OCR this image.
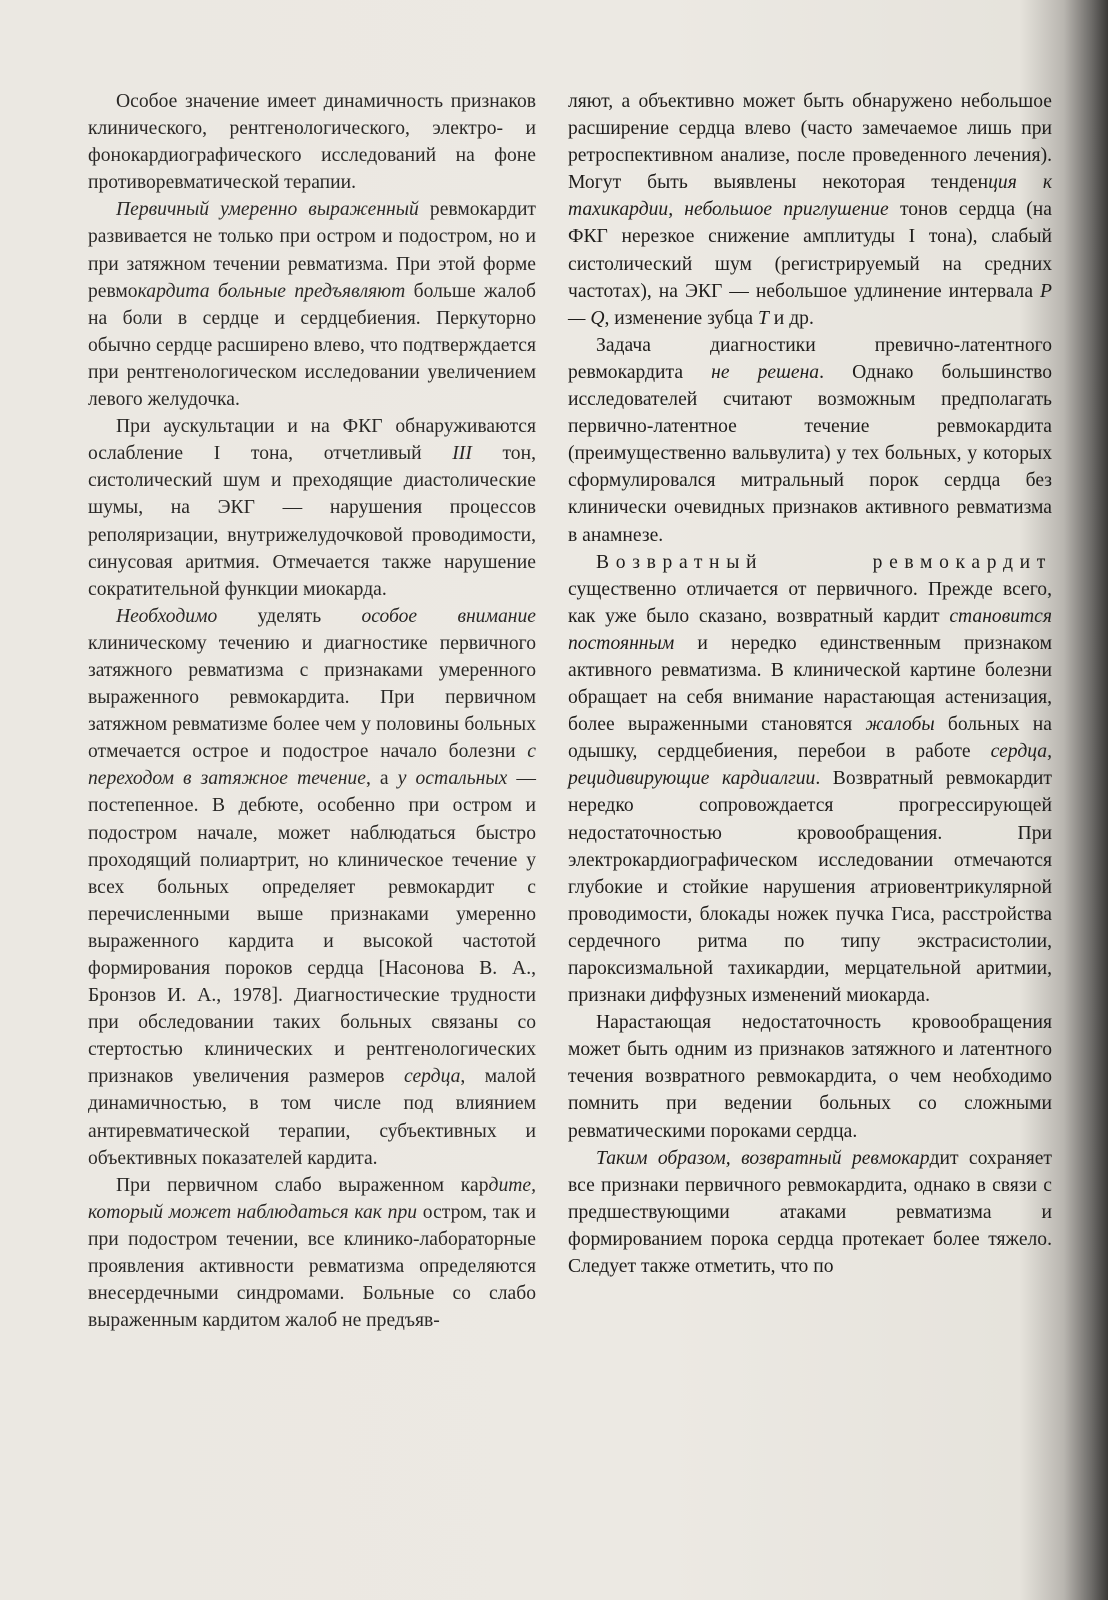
Особое значение имеет динамичность признаков клинического, рентгенологического, электро- и фонокардиографического исследований на фоне противоревматической терапии.

Первичный умеренно выраженный ревмокардит развивается не только при остром и подостром, но и при затяжном течении ревматизма. При этой форме ревмокардита больные предъявляют больше жалоб на боли в сердце и сердцебиения. Перкуторно обычно сердце расширено влево, что подтверждается при рентгенологическом исследовании увеличением левого желудочка.

При аускультации и на ФКГ обнаруживаются ослабление I тона, отчетливый III тон, систолический шум и преходящие диастолические шумы, на ЭКГ — нарушения процессов реполяризации, внутрижелудочковой проводимости, синусовая аритмия. Отмечается также нарушение сократительной функции миокарда.

Необходимо уделять особое внимание клиническому течению и диагностике первичного затяжного ревматизма с признаками умеренного выраженного ревмокардита. При первичном затяжном ревматизме более чем у половины больных отмечается острое и подострое начало болезни с переходом в затяжное течение, а у остальных — постепенное. В дебюте, особенно при остром и подостром начале, может наблюдаться быстро проходящий полиартрит, но клиническое течение у всех больных определяет ревмокардит с перечисленными выше признаками умеренно выраженного кардита и высокой частотой формирования пороков сердца [Насонова В. А., Бронзов И. А., 1978]. Диагностические трудности при обследовании таких больных связаны со стертостью клинических и рентгенологических признаков увеличения размеров сердца, малой динамичностью, в том числе под влиянием антиревматической терапии, субъективных и объективных показателей кардита.

При первичном слабо выраженном кардите, который может наблюдаться как при остром, так и при подостром течении, все клинико-лабораторные проявления активности ревматизма определяются внесердечными синдромами. Больные со слабо выраженным кардитом жалоб не предъяв-

ляют, а объективно может быть обнаружено небольшое расширение сердца влево (часто замечаемое лишь при ретроспективном анализе, после проведенного лечения). Могут быть выявлены некоторая тенденция к тахикардии, небольшое приглушение тонов сердца (на ФКГ нерезкое снижение амплитуды I тона), слабый систолический шум (регистрируемый на средних частотах), на ЭКГ — небольшое удлинение интервала P — Q, изменение зубца T и др.

Задача диагностики превично-латентного ревмокардита не решена. Однако большинство исследователей считают возможным предполагать первично-латентное течение ревмокардита (преимущественно вальвулита) у тех больных, у которых сформулировался митральный порок сердца без клинически очевидных признаков активного ревматизма в анамнезе.

Возвратный ревмокардит существенно отличается от первичного. Прежде всего, как уже было сказано, возвратный кардит становится постоянным и нередко единственным признаком активного ревматизма. В клинической картине болезни обращает на себя внимание нарастающая астенизация, более выраженными становятся жалобы больных на одышку, сердцебиения, перебои в работе сердца, рецидивирующие кардиалгии. Возвратный ревмокардит нередко сопровождается прогрессирующей недостаточностью кровообращения. При электрокардиографическом исследовании отмечаются глубокие и стойкие нарушения атриовентрикулярной проводимости, блокады ножек пучка Гиса, расстройства сердечного ритма по типу экстрасистолии, пароксизмальной тахикардии, мерцательной аритмии, признаки диффузных изменений миокарда.

Нарастающая недостаточность кровообращения может быть одним из признаков затяжного и латентного течения возвратного ревмокардита, о чем необходимо помнить при ведении больных со сложными ревматическими пороками сердца.

Таким образом, возвратный ревмокардит сохраняет все признаки первичного ревмокардита, однако в связи с предшествующими атаками ревматизма и формированием порока сердца протекает более тяжело. Следует также отметить, что по
